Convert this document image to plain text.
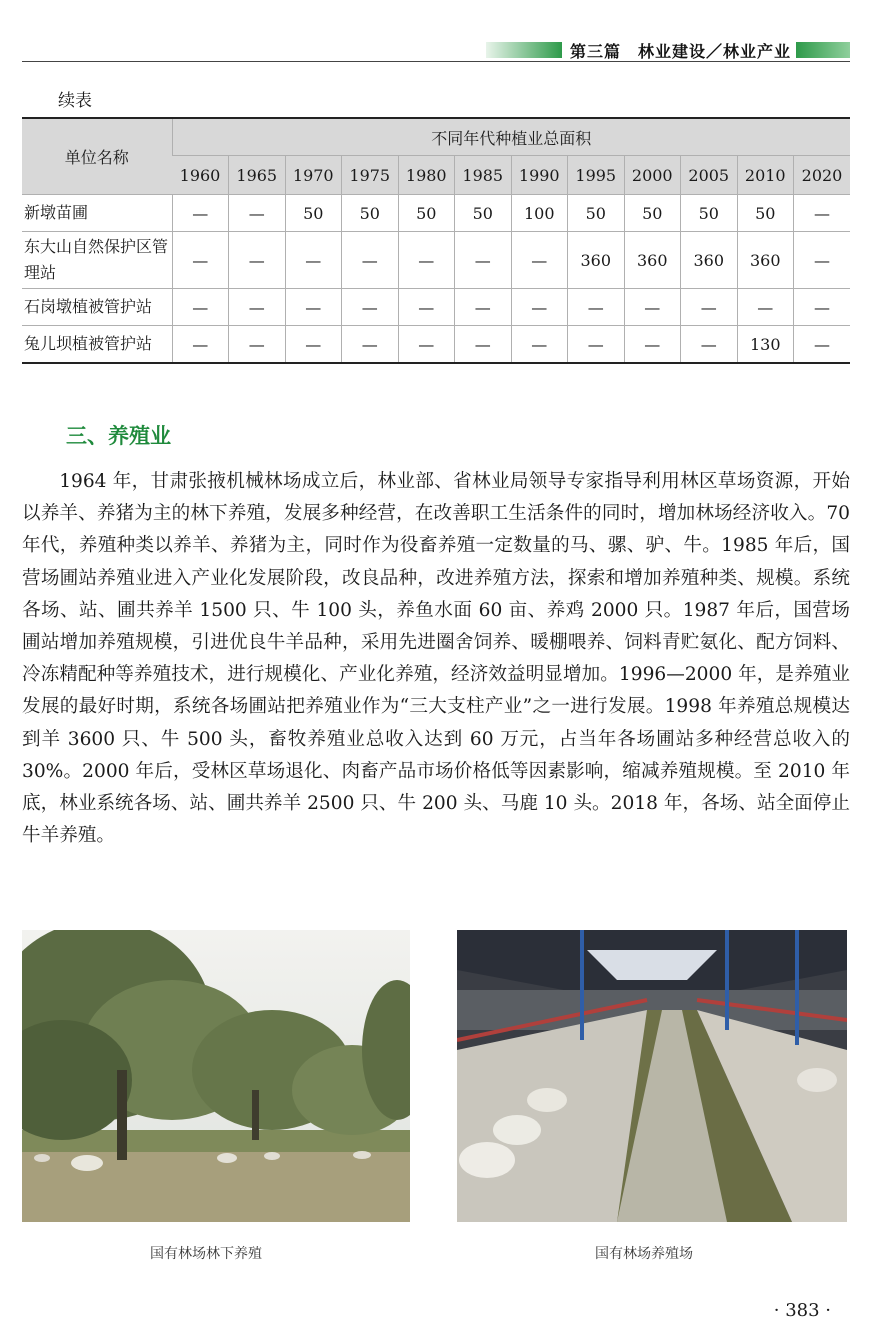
第三篇　林业建设／林业产业
续表
单位名称	不同年代种植业总面积											
	1960	1965	1970	1975	1980	1985	1990	1995	2000	2005	2010	2020
新墩苗圃	—	—	50	50	50	50	100	50	50	50	50	—
东大山自然保护区管理站	—	—	—	—	—	—	—	360	360	360	360	—
石岗墩植被管护站	—	—	—	—	—	—	—	—	—	—	—	—
兔儿坝植被管护站	—	—	—	—	—	—	—	—	—	—	130	—
三、养殖业

1964 年，甘肃张掖机械林场成立后，林业部、省林业局领导专家指导利用林区草场资源，开始以养羊、养猪为主的林下养殖，发展多种经营，在改善职工生活条件的同时，增加林场经济收入。70 年代，养殖种类以养羊、养猪为主，同时作为役畜养殖一定数量的马、骡、驴、牛。1985 年后，国营场圃站养殖业进入产业化发展阶段，改良品种，改进养殖方法，探索和增加养殖种类、规模。系统各场、站、圃共养羊 1500 只、牛 100 头，养鱼水面 60 亩、养鸡 2000 只。1987 年后，国营场圃站增加养殖规模，引进优良牛羊品种，采用先进圈舍饲养、暖棚喂养、饲料青贮氨化、配方饲料、冷冻精配种等养殖技术，进行规模化、产业化养殖，经济效益明显增加。1996—2000 年，是养殖业发展的最好时期，系统各场圃站把养殖业作为“三大支柱产业”之一进行发展。1998 年养殖总规模达到羊 3600 只、牛 500 头，畜牧养殖业总收入达到 60 万元，占当年各场圃站多种经营总收入的 30%。2000 年后，受林区草场退化、肉畜产品市场价格低等因素影响，缩减养殖规模。至 2010 年底，林业系统各场、站、圃共养羊 2500 只、牛 200 头、马鹿 10 头。2018 年，各场、站全面停止牛羊养殖。

国有林场林下养殖	国有林场养殖场
· 383 ·
